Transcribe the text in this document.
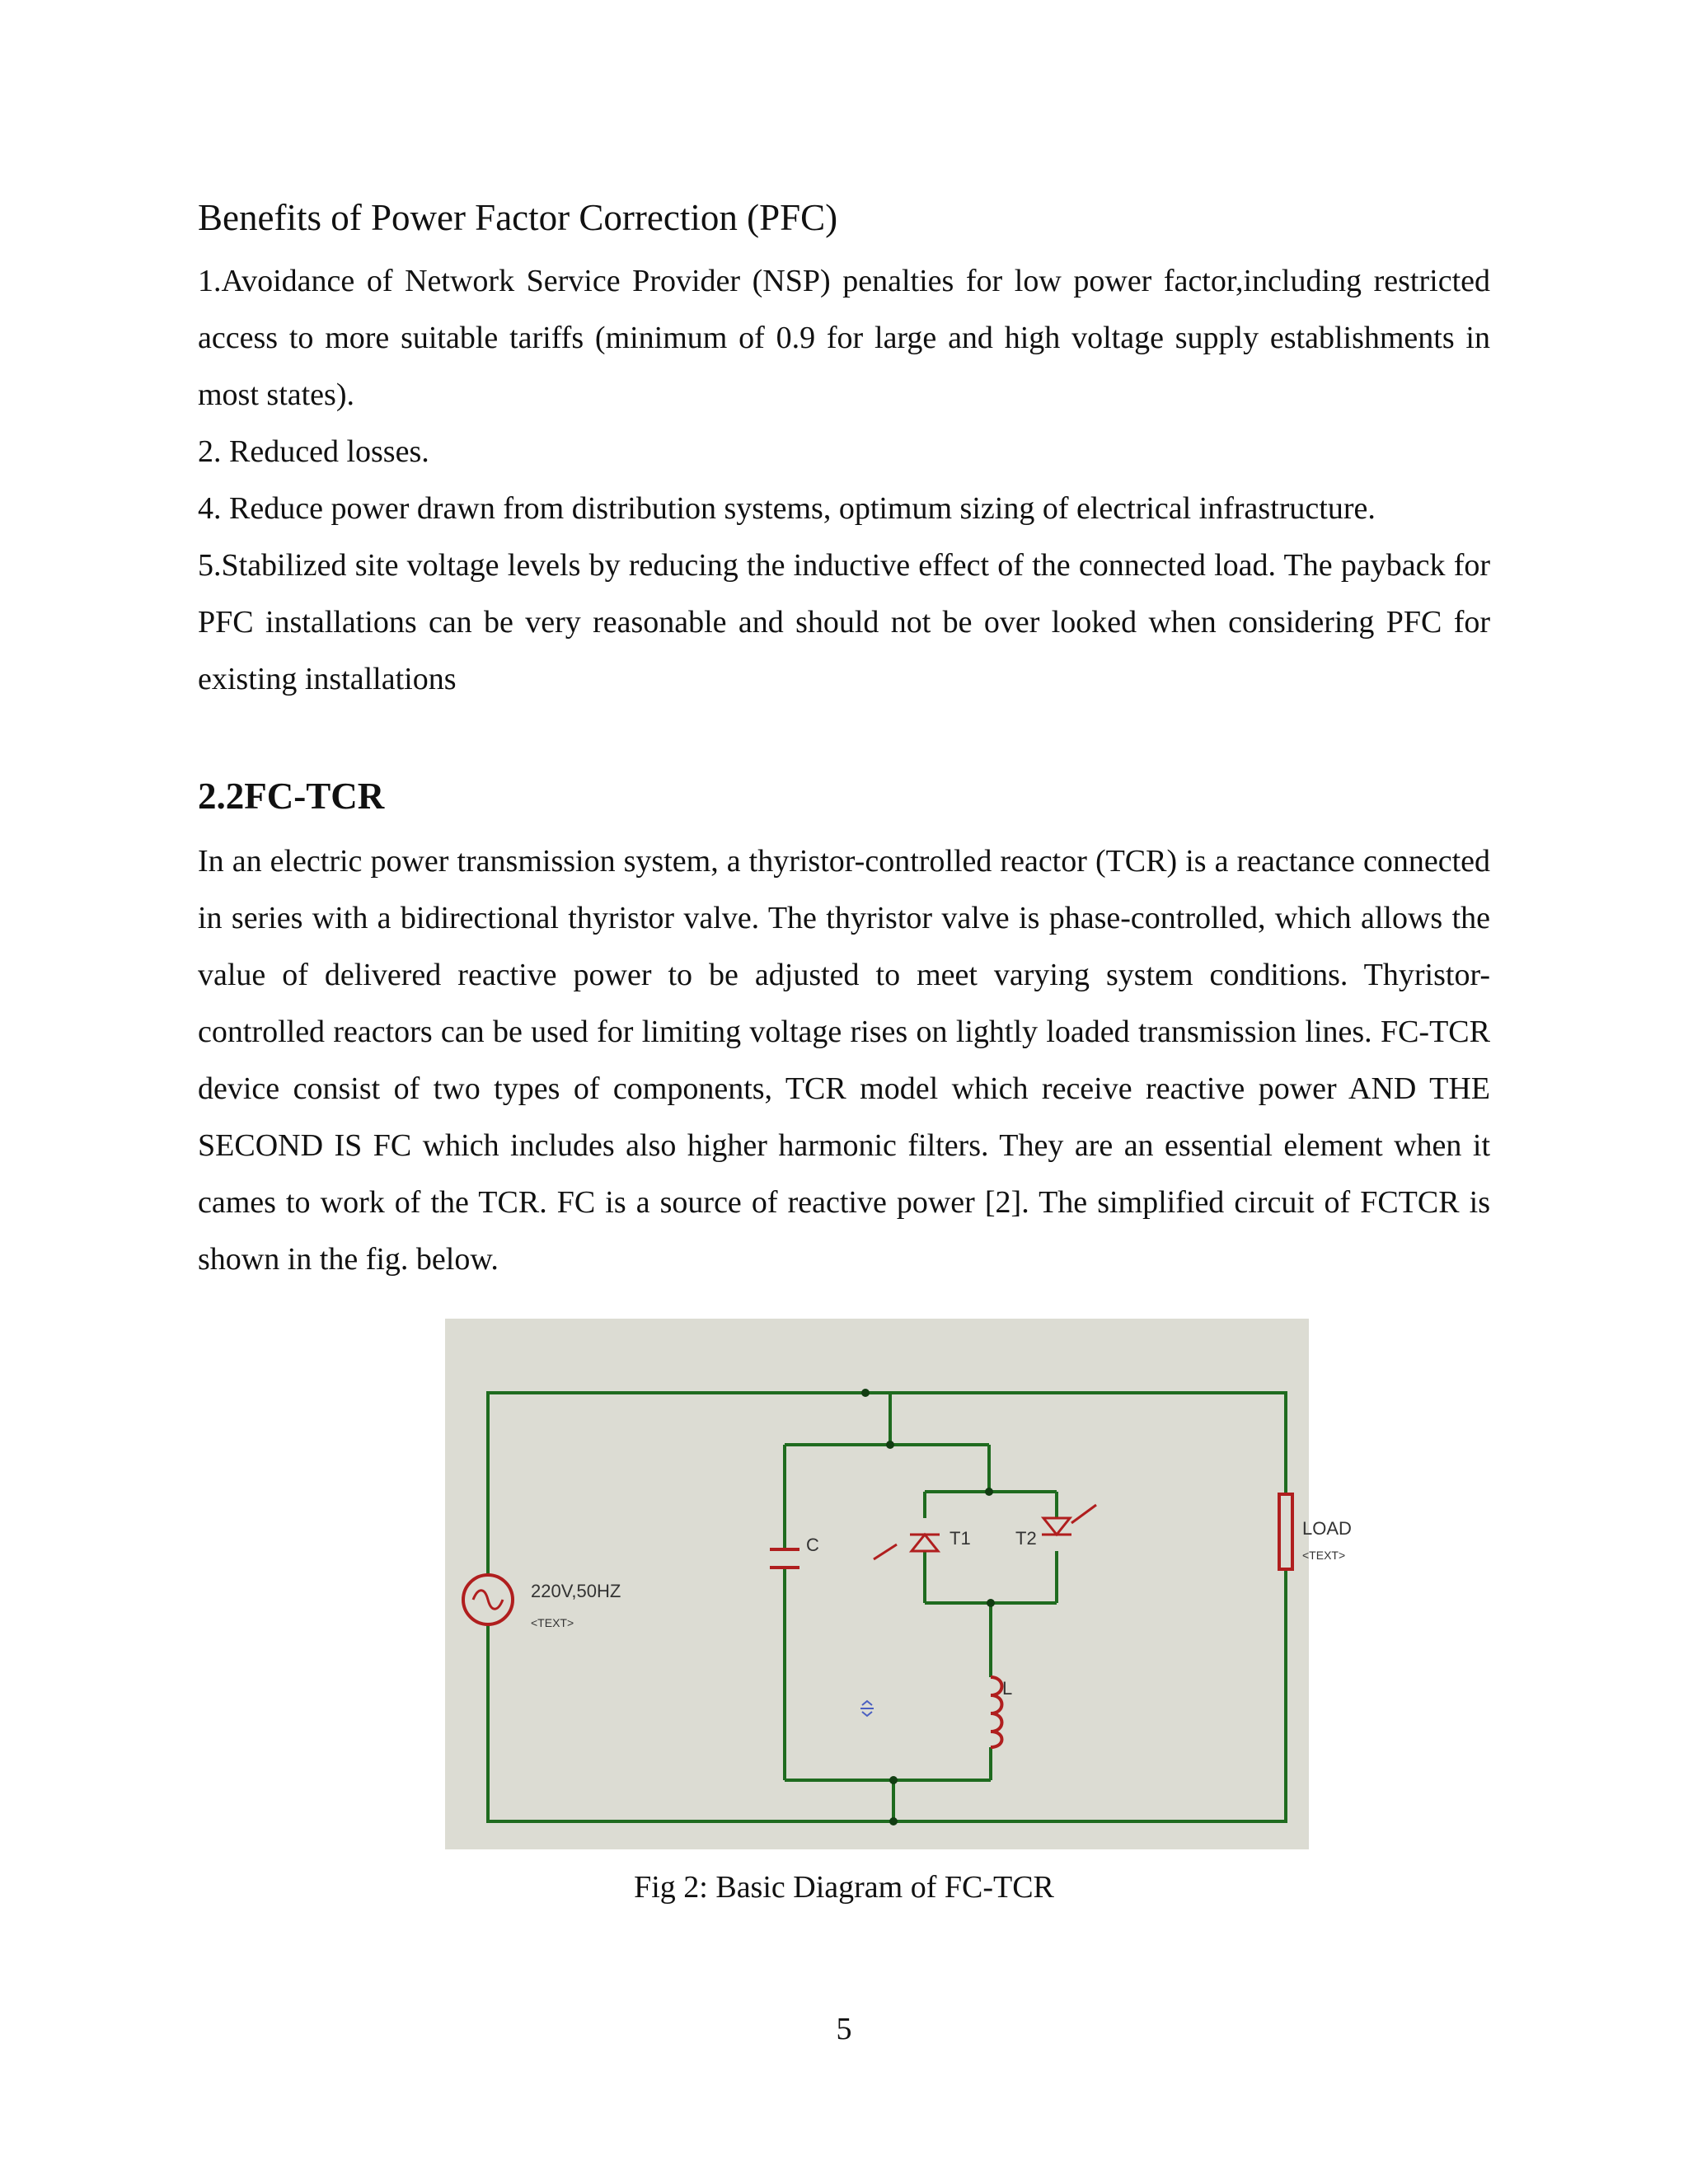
Benefits of Power Factor Correction (PFC)

1.Avoidance of Network Service Provider (NSP) penalties for low power factor,including restricted access to more suitable tariffs (minimum of 0.9 for large and high voltage supply establishments in most states).

2. Reduced losses.

4. Reduce power drawn from distribution systems, optimum sizing of electrical infrastructure.

5.Stabilized site voltage levels by reducing the inductive effect of the connected load. The payback for PFC installations can be very reasonable and should not be over looked when considering PFC for existing installations

2.2FC-TCR

In an electric power transmission system, a thyristor-controlled reactor (TCR) is a reactance connected in series with a bidirectional thyristor valve. The thyristor valve is phase-controlled, which allows the value of delivered reactive power to be adjusted to meet varying system conditions. Thyristor-controlled reactors can be used for limiting voltage rises on lightly loaded transmission lines. FC-TCR device consist of two types of components, TCR model which receive reactive power AND THE SECOND IS FC which includes also higher harmonic filters. They are an essential element when it cames to work of the TCR. FC is a source of reactive power [2]. The simplified circuit of FCTCR is shown in the fig. below.

220V,50HZ
<TEXT>
C	T1 T2
L
LOAD
<TEXT>

Fig 2: Basic Diagram of FC-TCR

5
